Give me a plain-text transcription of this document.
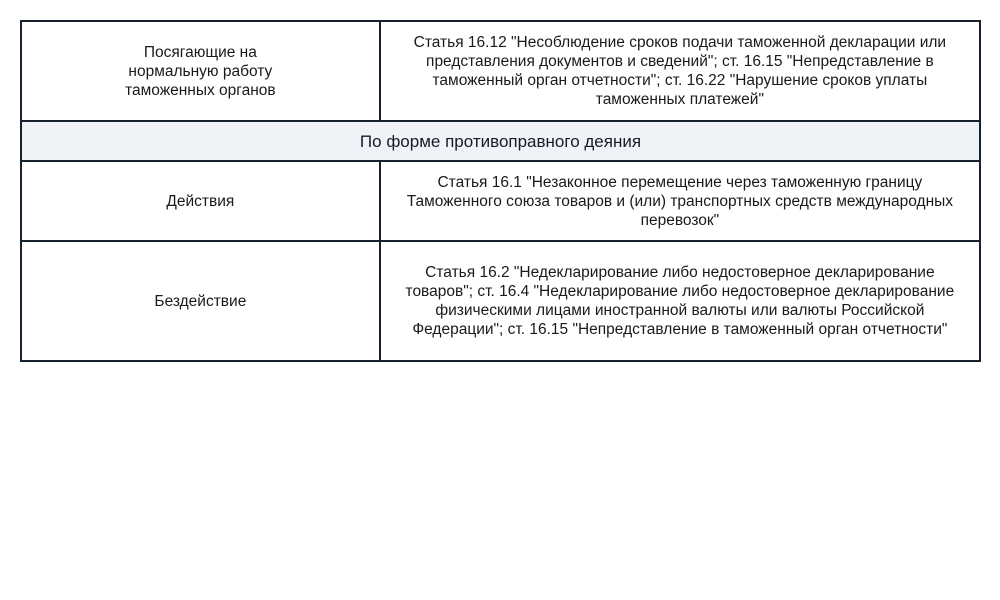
Посягающие на нормальную работу таможенных органов	Статья 16.12 "Несоблюдение сроков подачи таможенной декларации или представления документов и сведений"; ст. 16.15 "Непредставление в таможенный орган отчетности"; ст. 16.22 "Нарушение сроков уплаты таможенных платежей"

По форме противоправного деяния	

Действия	Статья 16.1 "Незаконное перемещение через таможенную границу Таможенного союза товаров и (или) транспортных средств международных перевозок"

Бездействие	Статья 16.2 "Недекларирование либо недостоверное декларирование товаров"; ст. 16.4 "Недекларирование либо недостоверное декларирование физическими лицами иностранной валюты или валюты Российской Федерации"; ст. 16.15 "Непредставление в таможенный орган отчетности"
